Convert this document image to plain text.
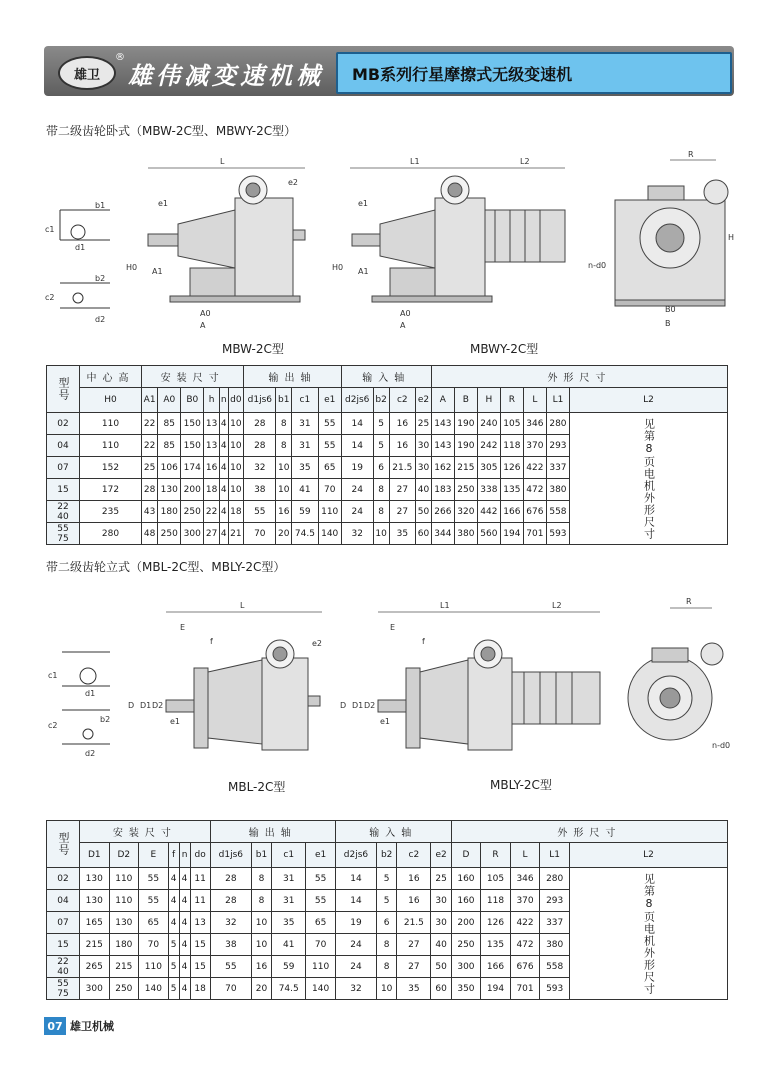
雄卫
®
雄伟减变速机械 MB系列行星摩擦式无级变速机
带二级齿轮卧式（MBW-2C型、MBWY-2C型）
b1
c1
d1
b2
c2
d2
L
e1
e2
H0 A1
A0
A
L1	L2
e1
H0 A1
A0
A
R
H
n-d0
B0
B
MBW-2C型	MBWY-2C型
型号	中心高	安装尺寸						输出轴				输入轴				外形尺寸						
	H0	A1	A0	B0	h	n	d0	d1js6	b1	c1	e1	d2js6	b2	c2	e2	A	B	H	R	L	L1	L2
02	110	22	85	150	13	4	10	28	8	31	55	14	5	16	25	143	190	240	105	346	280	见第8页电机外形尺寸
04	110	22	85	150	13	4	10	28	8	31	55	14	5	16	30	143	190	242	118	370	293	
07	152	25	106	174	16	4	10	32	10	35	65	19	6	21.5	30	162	215	305	126	422	337	
15	172	28	130	200	18	4	10	38	10	41	70	24	8	27	40	183	250	338	135	472	380	
22
40	235	43	180	250	22	4	18	55	16	59	110	24	8	27	50	266	320	442	166	676	558	
55
75	280	48	250	300	27	4	21	70	20	74.5	140	32	10	35	60	344	380	560	194	701	593	
带二级齿轮立式（MBL-2C型、MBLY-2C型）
c1
d1
b2
c2
d2
L
E
f	e2
D D1 D2
e1
L1	L2
E
f
D D1 D2
e1
R
n-d0
MBL-2C型	MBLY-2C型
型号	安装尺寸						输出轴				输入轴				外形尺寸				
	D1	D2	E	f	n	do	d1js6	b1	c1	e1	d2js6	b2	c2	e2	D	R	L	L1	L2
02	130	110	55	4	4	11	28	8	31	55	14	5	16	25	160	105	346	280	见第8页电机外形尺寸
04	130	110	55	4	4	11	28	8	31	55	14	5	16	30	160	118	370	293	
07	165	130	65	4	4	13	32	10	35	65	19	6	21.5	30	200	126	422	337	
15	215	180	70	5	4	15	38	10	41	70	24	8	27	40	250	135	472	380	
22
40	265	215	110	5	4	15	55	16	59	110	24	8	27	50	300	166	676	558	
55
75	300	250	140	5	4	18	70	20	74.5	140	32	10	35	60	350	194	701	593	
07 雄卫机械
